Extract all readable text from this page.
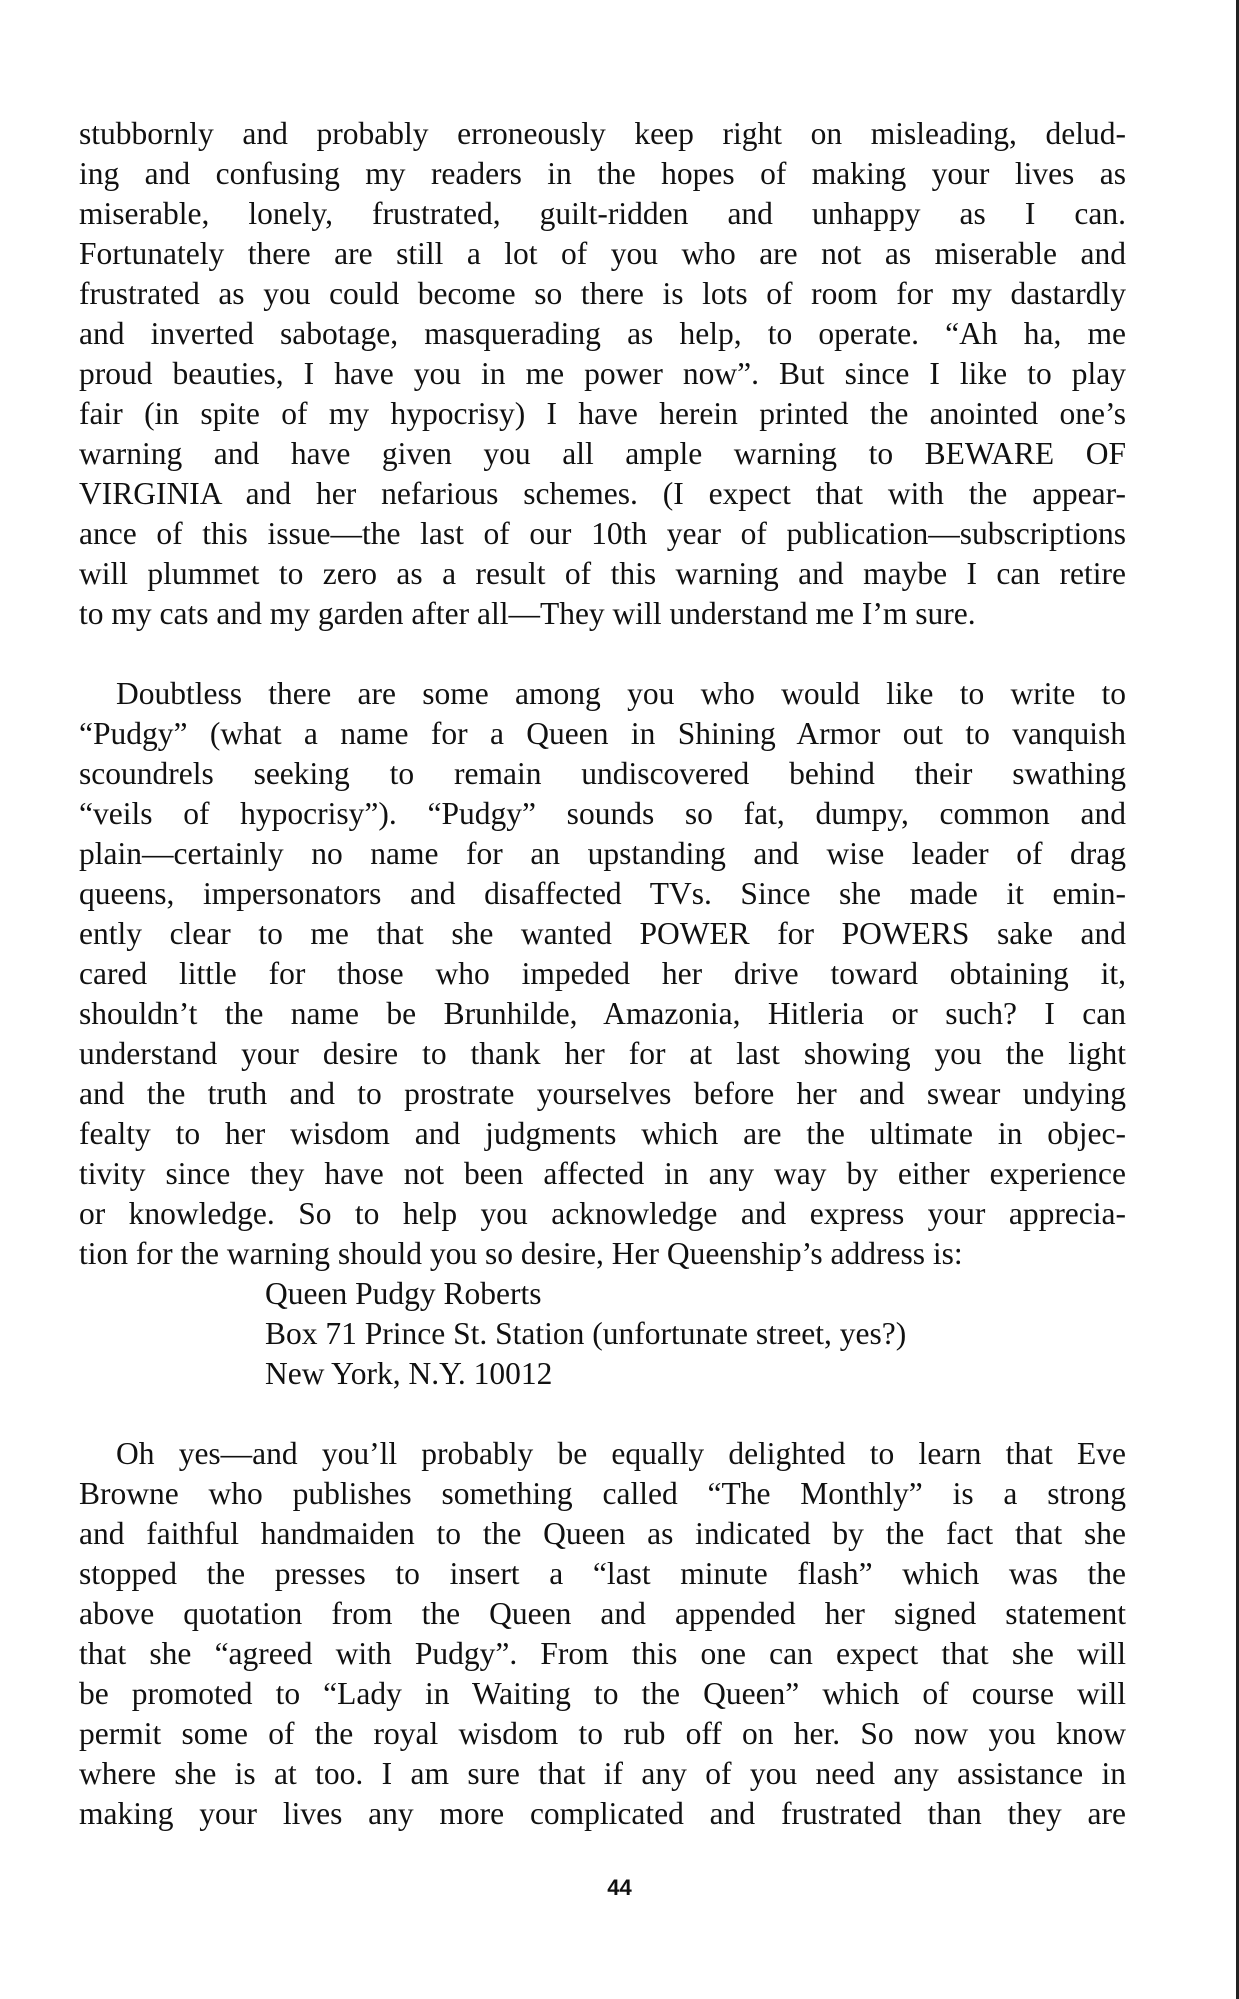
stubbornly and probably erroneously keep right on misleading, delud-
ing and confusing my readers in the hopes of making your lives as
miserable, lonely, frustrated, guilt-ridden and unhappy as I can.
Fortunately there are still a lot of you who are not as miserable and
frustrated as you could become so there is lots of room for my dastardly
and inverted sabotage, masquerading as help, to operate. “Ah ha, me
proud beauties, I have you in me power now”. But since I like to play
fair (in spite of my hypocrisy) I have herein printed the anointed one’s
warning and have given you all ample warning to BEWARE OF
VIRGINIA and her nefarious schemes. (I expect that with the appear-
ance of this issue—the last of our 10th year of publication—subscriptions
will plummet to zero as a result of this warning and maybe I can retire
to my cats and my garden after all—They will understand me I’m sure.

Doubtless there are some among you who would like to write to
“Pudgy” (what a name for a Queen in Shining Armor out to vanquish
scoundrels seeking to remain undiscovered behind their swathing
“veils of hypocrisy”). “Pudgy” sounds so fat, dumpy, common and
plain—certainly no name for an upstanding and wise leader of drag
queens, impersonators and disaffected TVs. Since she made it emin-
ently clear to me that she wanted POWER for POWERS sake and
cared little for those who impeded her drive toward obtaining it,
shouldn’t the name be Brunhilde, Amazonia, Hitleria or such? I can
understand your desire to thank her for at last showing you the light
and the truth and to prostrate yourselves before her and swear undying
fealty to her wisdom and judgments which are the ultimate in objec-
tivity since they have not been affected in any way by either experience
or knowledge. So to help you acknowledge and express your apprecia-
tion for the warning should you so desire, Her Queenship’s address is:

Queen Pudgy Roberts
Box 71 Prince St. Station (unfortunate street, yes?)
New York, N.Y. 10012

Oh yes—and you’ll probably be equally delighted to learn that Eve
Browne who publishes something called “The Monthly” is a strong
and faithful handmaiden to the Queen as indicated by the fact that she
stopped the presses to insert a “last minute flash” which was the
above quotation from the Queen and appended her signed statement
that she “agreed with Pudgy”. From this one can expect that she will
be promoted to “Lady in Waiting to the Queen” which of course will
permit some of the royal wisdom to rub off on her. So now you know
where she is at too. I am sure that if any of you need any assistance in
making your lives any more complicated and frustrated than they are

44
